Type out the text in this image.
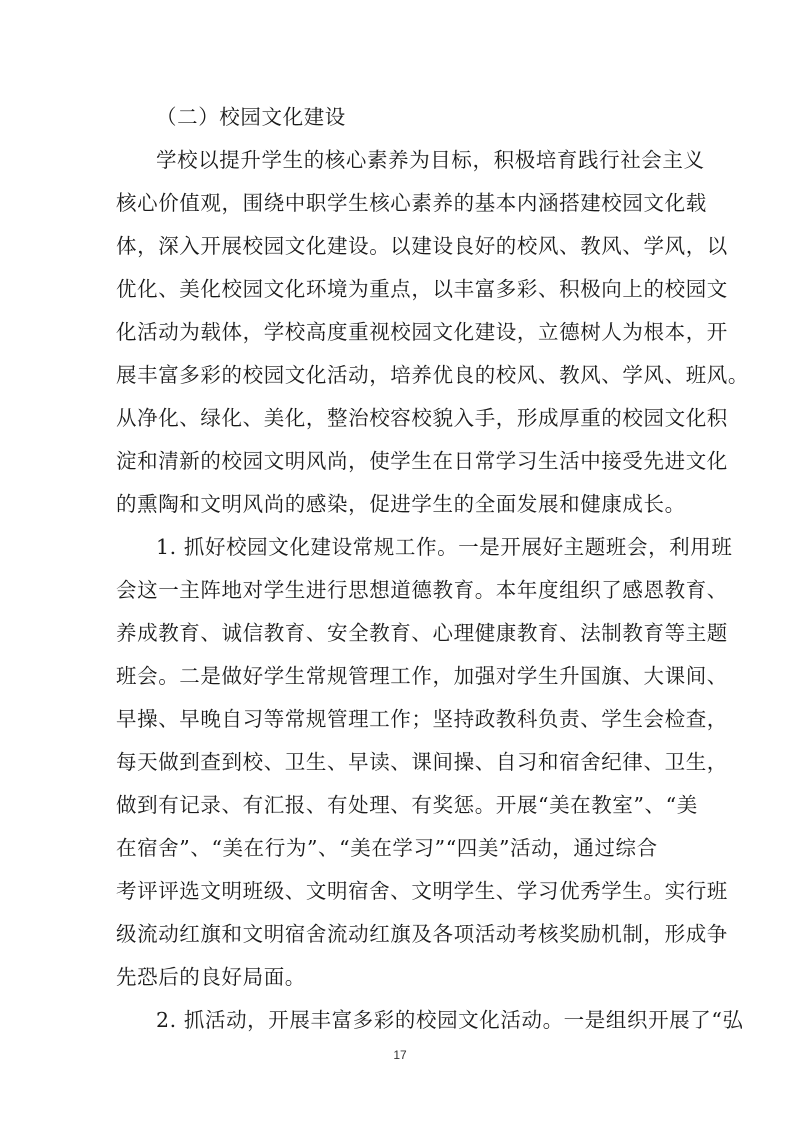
（二）校园文化建设
学校以提升学生的核心素养为目标，积极培育践行社会主义
核心价值观，围绕中职学生核心素养的基本内涵搭建校园文化载
体，深入开展校园文化建设。以建设良好的校风、教风、学风，以
优化、美化校园文化环境为重点，以丰富多彩、积极向上的校园文
化活动为载体，学校高度重视校园文化建设，立德树人为根本，开
展丰富多彩的校园文化活动，培养优良的校风、教风、学风、班风。
从净化、绿化、美化，整治校容校貌入手，形成厚重的校园文化积
淀和清新的校园文明风尚，使学生在日常学习生活中接受先进文化
的熏陶和文明风尚的感染，促进学生的全面发展和健康成长。
1. 抓好校园文化建设常规工作。一是开展好主题班会，利用班
会这一主阵地对学生进行思想道德教育。本年度组织了感恩教育、
养成教育、诚信教育、安全教育、心理健康教育、法制教育等主题
班会。二是做好学生常规管理工作，加强对学生升国旗、大课间、
早操、早晚自习等常规管理工作；坚持政教科负责、学生会检查，
每天做到查到校、卫生、早读、课间操、自习和宿舍纪律、卫生，
做到有记录、有汇报、有处理、有奖惩。开展“美在教室”、“美
在宿舍”、“美在行为”、“美在学习”“四美”活动，通过综合
考评评选文明班级、文明宿舍、文明学生、学习优秀学生。实行班
级流动红旗和文明宿舍流动红旗及各项活动考核奖励机制，形成争
先恐后的良好局面。
2. 抓活动，开展丰富多彩的校园文化活动。一是组织开展了“弘
17
